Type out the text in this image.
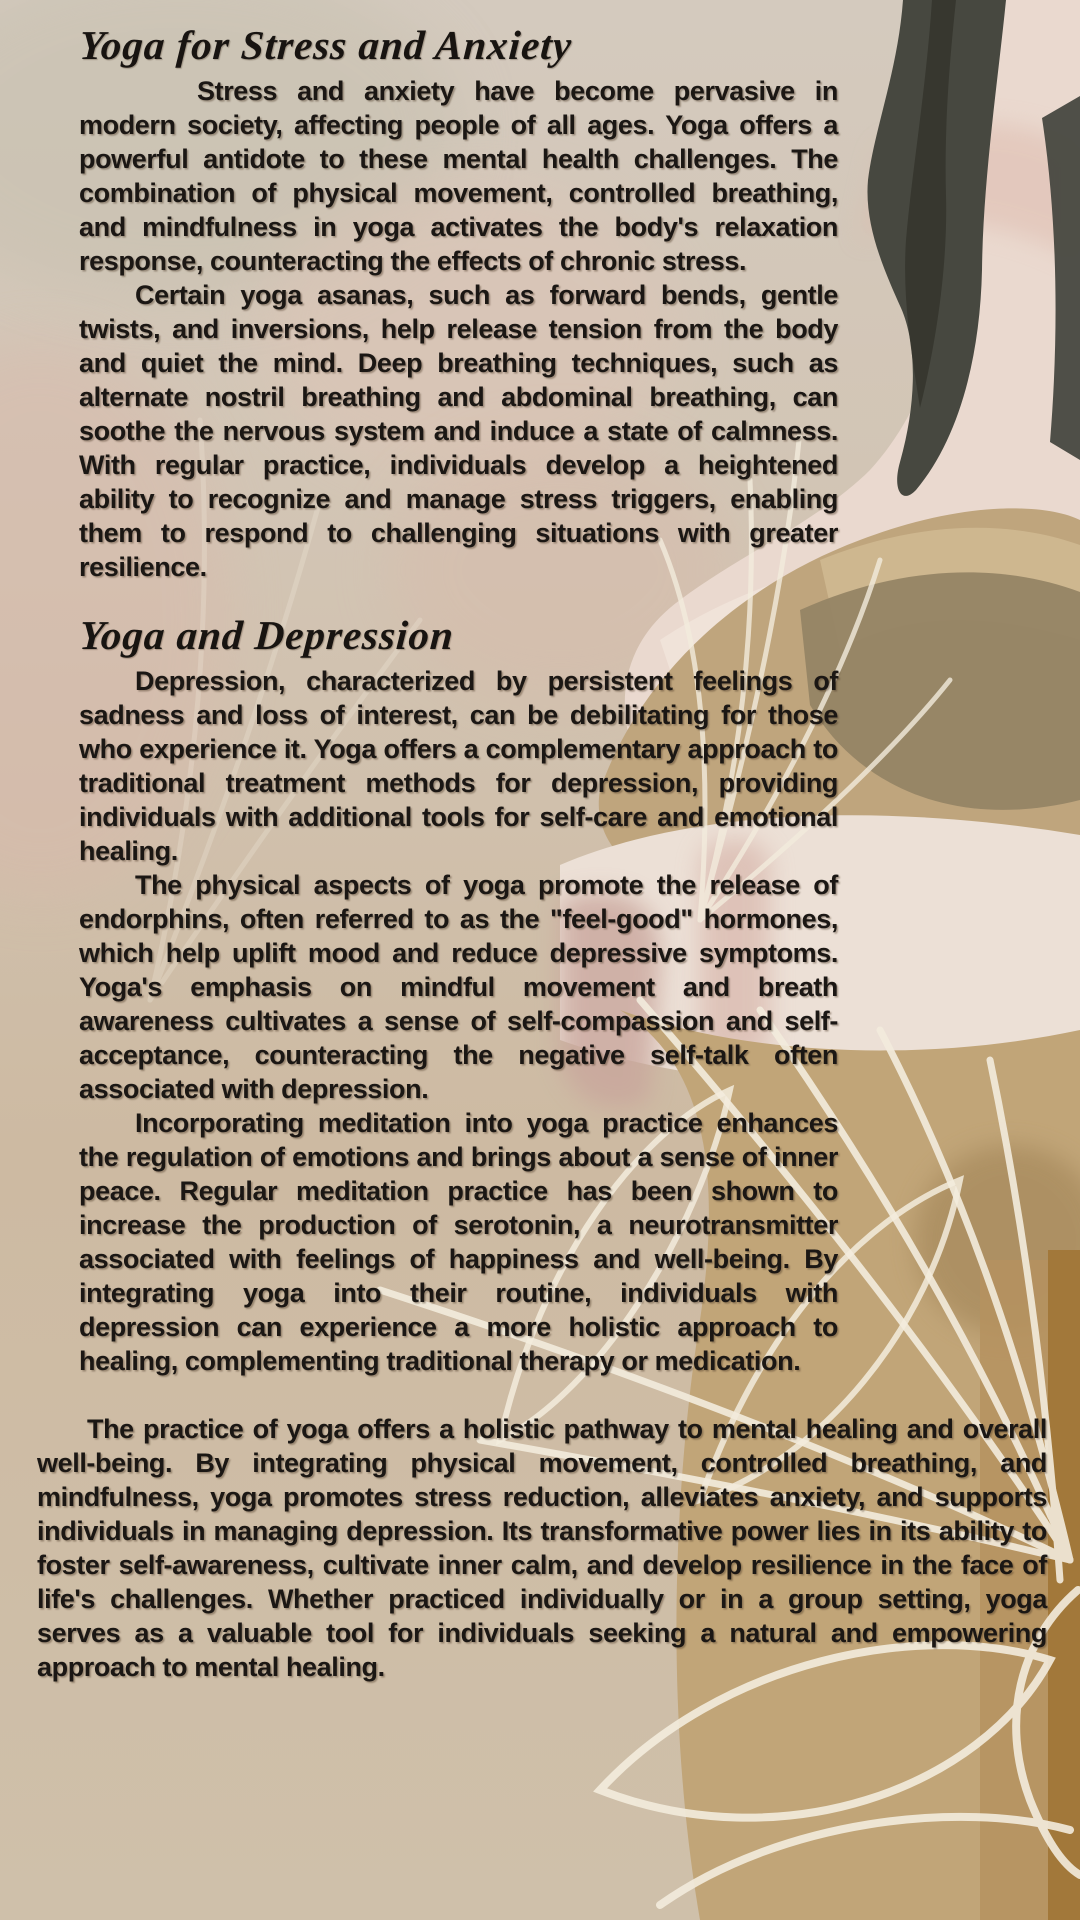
Yoga for Stress and Anxiety

Stress and anxiety have become pervasive in modern society, affecting people of all ages. Yoga offers a powerful antidote to these mental health challenges. The combination of physical movement, controlled breathing, and mindfulness in yoga activates the body's relaxation response, counteracting the effects of chronic stress.

Certain yoga asanas, such as forward bends, gentle twists, and inversions, help release tension from the body and quiet the mind. Deep breathing techniques, such as alternate nostril breathing and abdominal breathing, can soothe the nervous system and induce a state of calmness. With regular practice, individuals develop a heightened ability to recognize and manage stress triggers, enabling them to respond to challenging situations with greater resilience.

Yoga and Depression

Depression, characterized by persistent feelings of sadness and loss of interest, can be debilitating for those who experience it. Yoga offers a complementary approach to traditional treatment methods for depression, providing individuals with additional tools for self-care and emotional healing.

The physical aspects of yoga promote the release of endorphins, often referred to as the "feel-good" hormones, which help uplift mood and reduce depressive symptoms. Yoga's emphasis on mindful movement and breath awareness cultivates a sense of self-compassion and self-acceptance, counteracting the negative self-talk often associated with depression.

Incorporating meditation into yoga practice enhances the regulation of emotions and brings about a sense of inner peace. Regular meditation practice has been shown to increase the production of serotonin, a neurotransmitter associated with feelings of happiness and well-being. By integrating yoga into their routine, individuals with depression can experience a more holistic approach to healing, complementing traditional therapy or medication.

The practice of yoga offers a holistic pathway to mental healing and overall well-being. By integrating physical movement, controlled breathing, and mindfulness, yoga promotes stress reduction, alleviates anxiety, and supports individuals in managing depression. Its transformative power lies in its ability to foster self-awareness, cultivate inner calm, and develop resilience in the face of life's challenges. Whether practiced individually or in a group setting, yoga serves as a valuable tool for individuals seeking a natural and empowering approach to mental healing.
